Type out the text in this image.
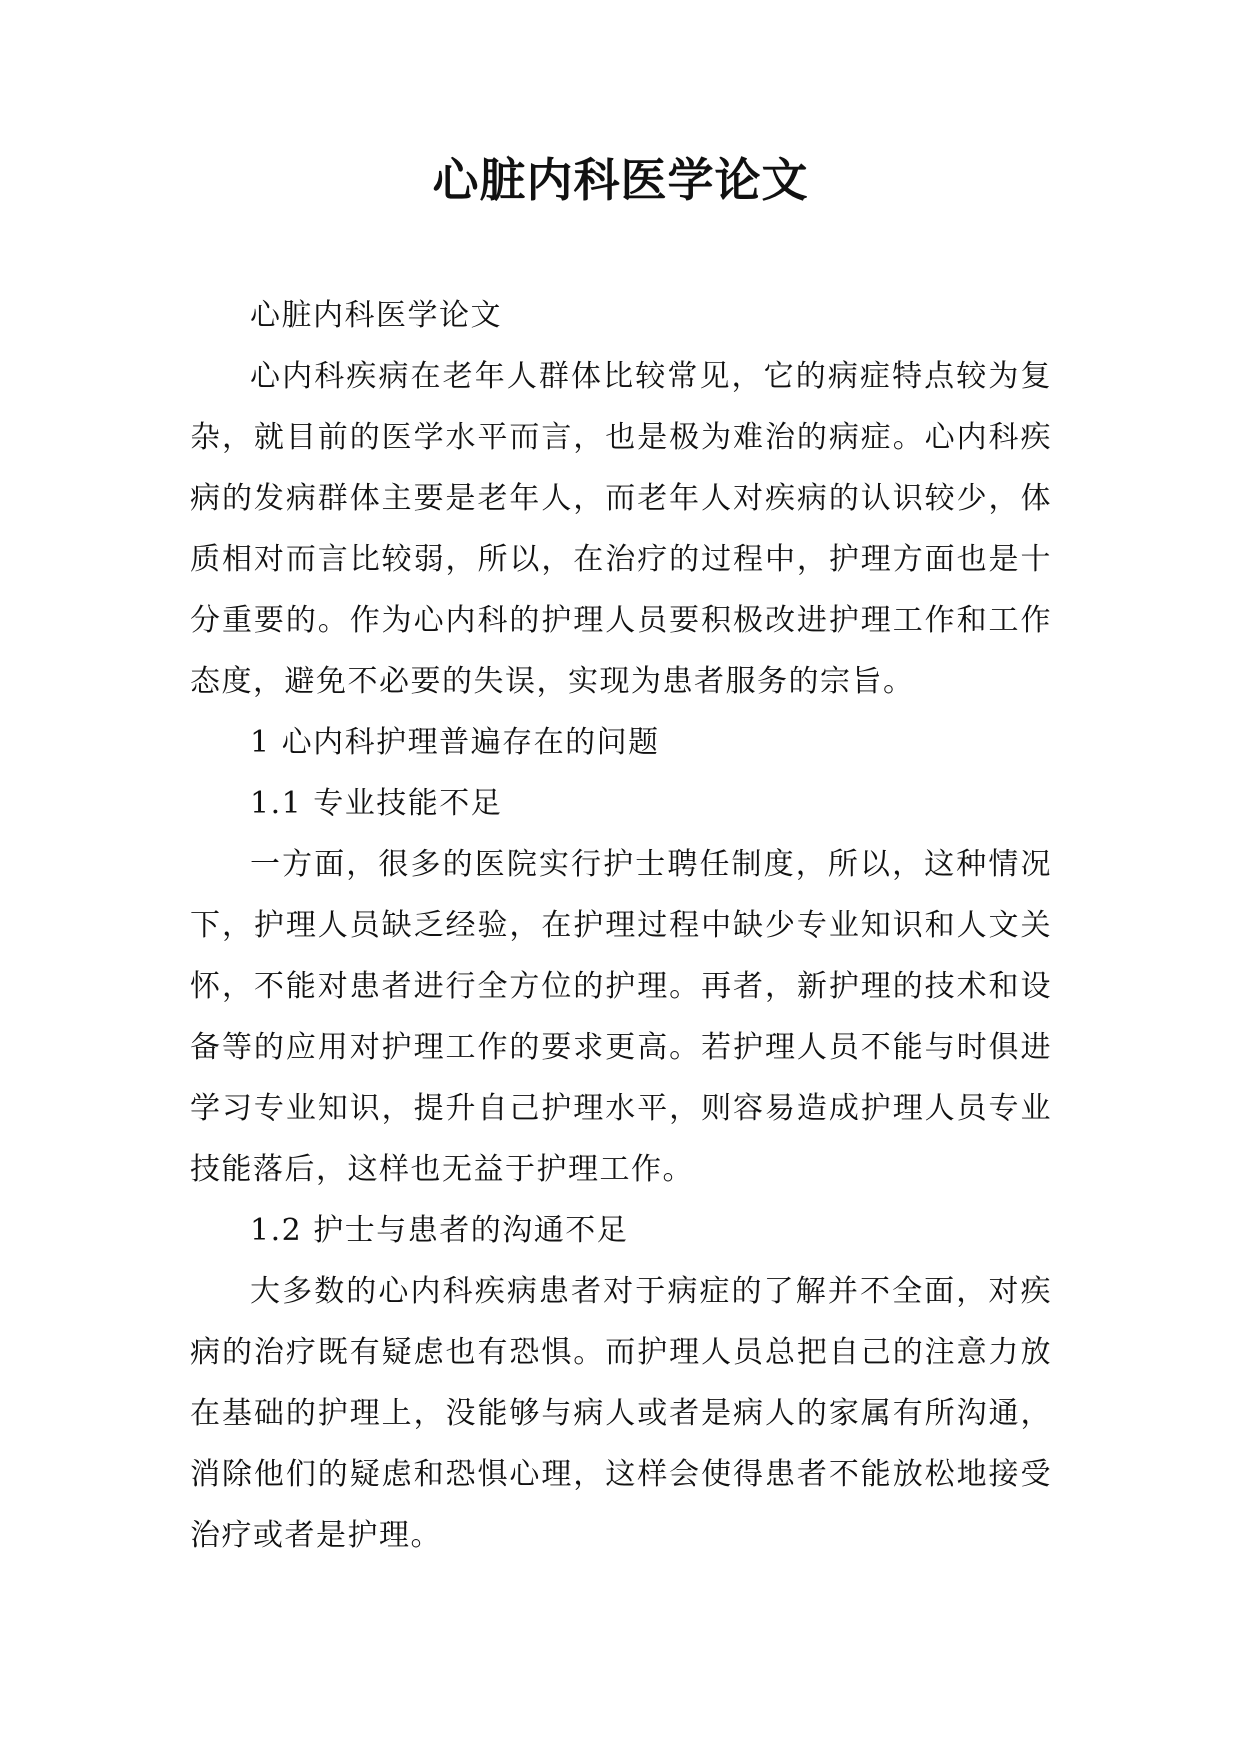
心脏内科医学论文

心脏内科医学论文

心内科疾病在老年人群体比较常见，它的病症特点较为复杂，就目前的医学水平而言，也是极为难治的病症。心内科疾病的发病群体主要是老年人，而老年人对疾病的认识较少，体质相对而言比较弱，所以，在治疗的过程中，护理方面也是十分重要的。作为心内科的护理人员要积极改进护理工作和工作态度，避免不必要的失误，实现为患者服务的宗旨。

1 心内科护理普遍存在的问题

1.1 专业技能不足

一方面，很多的医院实行护士聘任制度，所以，这种情况下，护理人员缺乏经验，在护理过程中缺少专业知识和人文关怀，不能对患者进行全方位的护理。再者，新护理的技术和设备等的应用对护理工作的要求更高。若护理人员不能与时俱进学习专业知识，提升自己护理水平，则容易造成护理人员专业技能落后，这样也无益于护理工作。

1.2 护士与患者的沟通不足

大多数的心内科疾病患者对于病症的了解并不全面，对疾病的治疗既有疑虑也有恐惧。而护理人员总把自己的注意力放在基础的护理上，没能够与病人或者是病人的家属有所沟通，消除他们的疑虑和恐惧心理，这样会使得患者不能放松地接受治疗或者是护理。
